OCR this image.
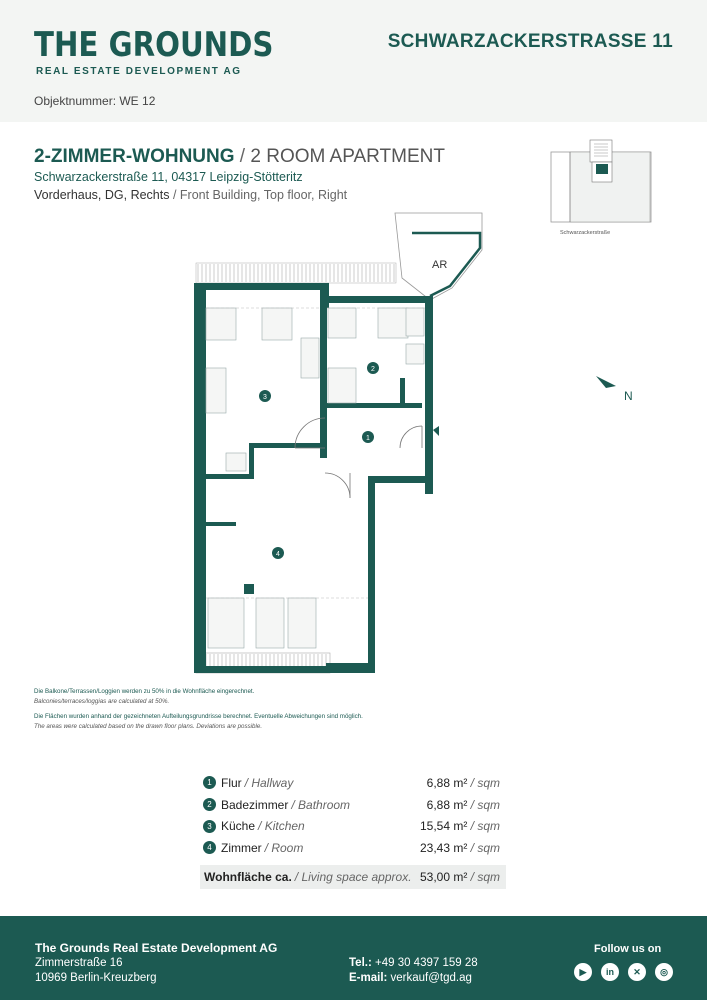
THE GROUNDS
REAL ESTATE DEVELOPMENT AG
SCHWARZACKERSTRASSE 11
Objektnummer: WE 12
2-ZIMMER-WOHNUNG / 2 ROOM APARTMENT
Schwarzackerstraße 11, 04317 Leipzig-Stötteritz
Vorderhaus, DG, Rechts / Front Building, Top floor, Right
Schwarzackerstraße
AR
3
2
1
4
N
Die Balkone/Terrassen/Loggien werden zu 50% in die Wohnfläche eingerechnet.
Balconies/terraces/loggias are calculated at 50%.
Die Flächen wurden anhand der gezeichneten Aufteilungsgrundrisse berechnet. Eventuelle Abweichungen sind möglich.
The areas were calculated based on the drawn floor plans. Deviations are possible.
1 Flur / Hallway	6,88 m² / sqm
2 Badezimmer / Bathroom	6,88 m² / sqm
3 Küche / Kitchen	15,54 m² / sqm
4 Zimmer / Room	23,43 m² / sqm
Wohnfläche ca. / Living space approx. 53,00 m² / sqm
The Grounds Real Estate Development AG
Zimmerstraße 16
10969 Berlin-Kreuzberg
Tel.: +49 30 4397 159 28
E-mail: verkauf@tgd.ag
Follow us on
▶	in	✕	◎
